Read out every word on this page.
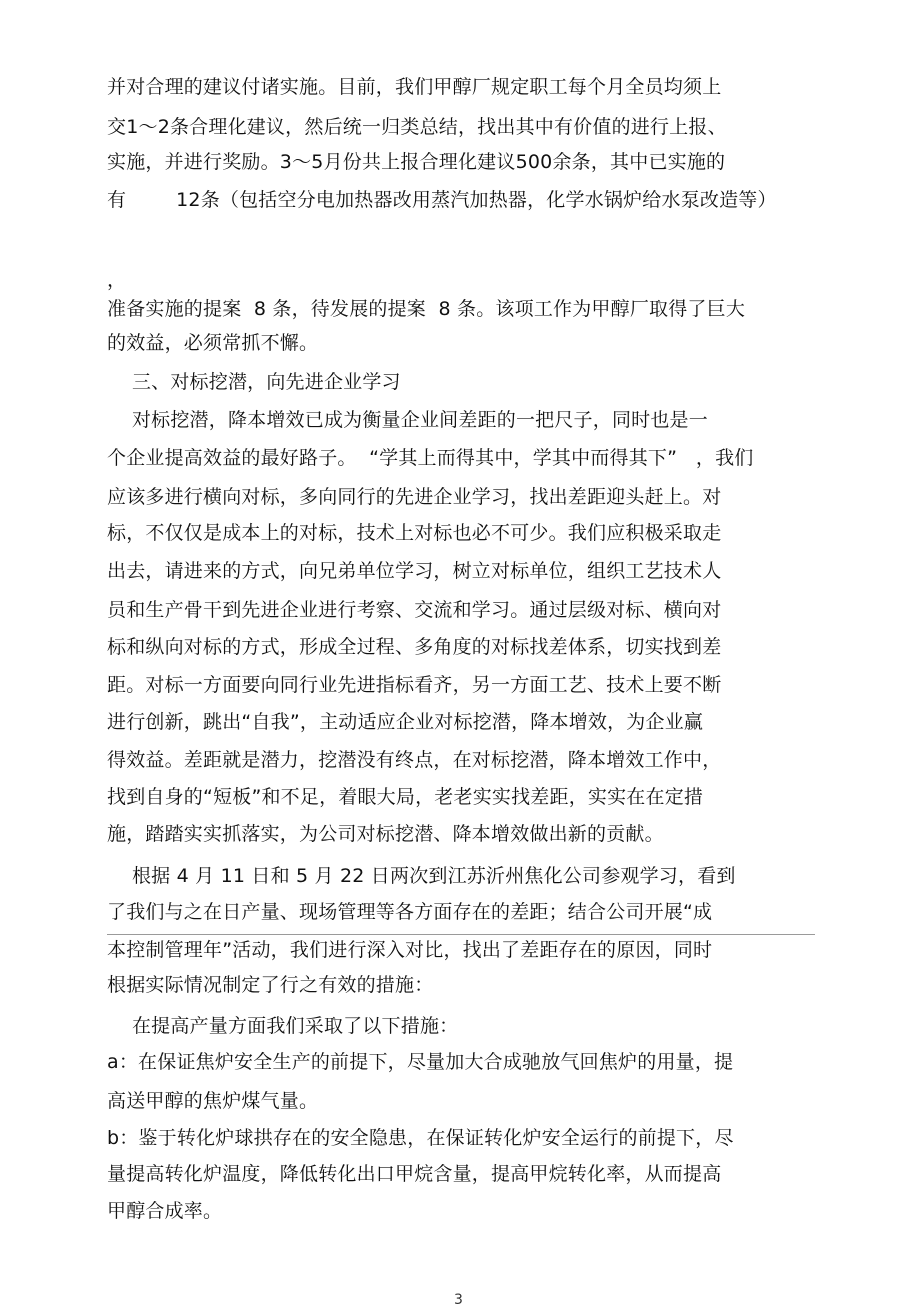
并对合理的建议付诸实施。目前，我们甲醇厂规定职工每个月全员均须上
交1～2条合理化建议，然后统一归类总结，找出其中有价值的进行上报、
实施，并进行奖励。3～5月份共上报合理化建议500余条，其中已实施的
有        12条（包括空分电加热器改用蒸汽加热器，化学水锅炉给水泵改造等）
，
准备实施的提案  8 条，待发展的提案  8 条。该项工作为甲醇厂取得了巨大
的效益，必须常抓不懈。
三、对标挖潜，向先进企业学习
对标挖潜，降本增效已成为衡量企业间差距的一把尺子，同时也是一
个企业提高效益的最好路子。  “学其上而得其中，学其中而得其下”   ，我们
应该多进行横向对标，多向同行的先进企业学习，找出差距迎头赶上。对
标，不仅仅是成本上的对标，技术上对标也必不可少。我们应积极采取走
出去，请进来的方式，向兄弟单位学习，树立对标单位，组织工艺技术人
员和生产骨干到先进企业进行考察、交流和学习。通过层级对标、横向对
标和纵向对标的方式，形成全过程、多角度的对标找差体系，切实找到差
距。对标一方面要向同行业先进指标看齐，另一方面工艺、技术上要不断
进行创新，跳出“自我”，主动适应企业对标挖潜，降本增效，为企业赢
得效益。差距就是潜力，挖潜没有终点，在对标挖潜，降本增效工作中，
找到自身的“短板”和不足，着眼大局，老老实实找差距，实实在在定措
施，踏踏实实抓落实，为公司对标挖潜、降本增效做出新的贡献。
根据 4 月 11 日和 5 月 22 日两次到江苏沂州焦化公司参观学习，看到
了我们与之在日产量、现场管理等各方面存在的差距；结合公司开展“成
本控制管理年”活动，我们进行深入对比，找出了差距存在的原因，同时
根据实际情况制定了行之有效的措施：
在提高产量方面我们采取了以下措施：
a：在保证焦炉安全生产的前提下，尽量加大合成驰放气回焦炉的用量，提
高送甲醇的焦炉煤气量。
b：鉴于转化炉球拱存在的安全隐患，在保证转化炉安全运行的前提下，尽
量提高转化炉温度，降低转化出口甲烷含量，提高甲烷转化率，从而提高
甲醇合成率。
3
